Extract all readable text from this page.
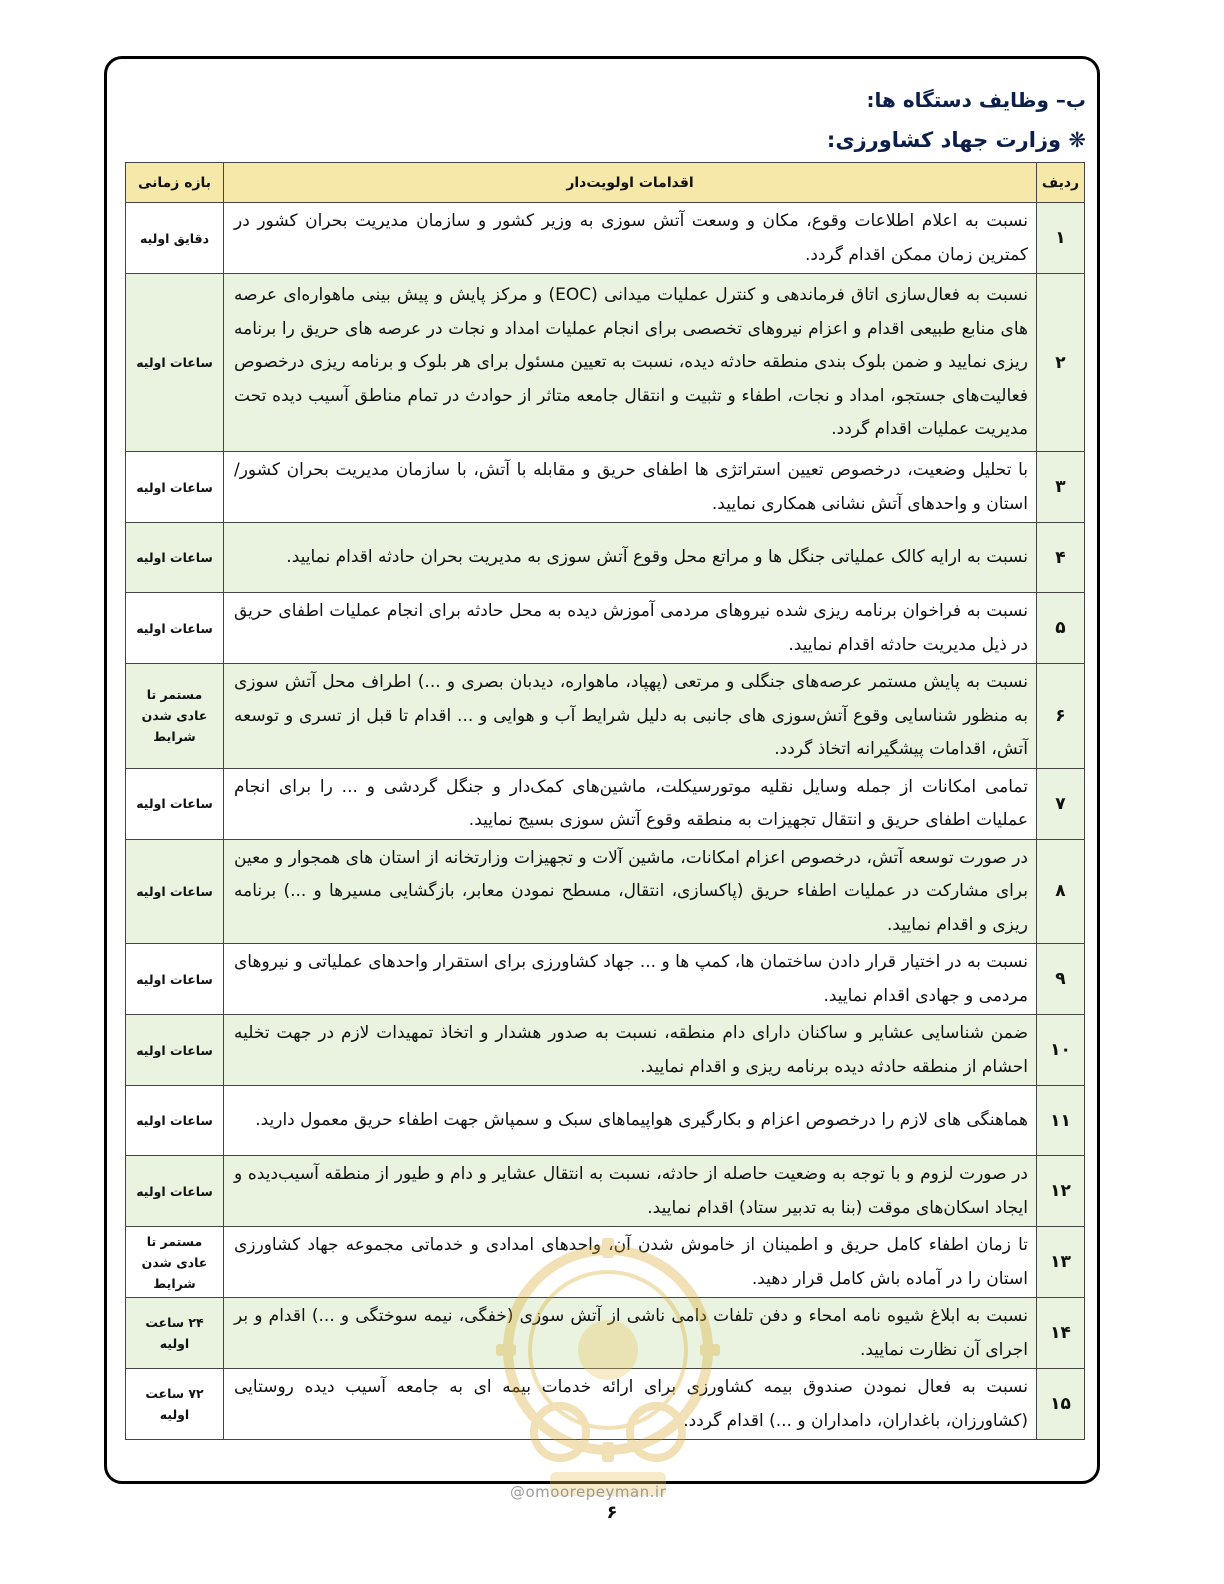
ب– وظایف دستگاه ها:
❋ وزارت جهاد کشاورزی:
ردیف	اقدامات اولویت‌دار	بازه زمانی
۱	نسبت به اعلام اطلاعات وقوع، مکان و وسعت آتش سوزی به وزیر کشور و سازمان مدیریت بحران کشور در کمترین زمان ممکن اقدام گردد.	دقایق اولیه
۲	نسبت به فعال‌سازی اتاق فرماندهی و کنترل عملیات میدانی (EOC) و مرکز پایش و پیش بینی ماهواره‌ای عرصه های منابع طبیعی اقدام و اعزام نیروهای تخصصی برای انجام عملیات امداد و نجات در عرصه های حریق را برنامه ریزی نمایید و ضمن بلوک بندی منطقه حادثه دیده، نسبت به تعیین مسئول برای هر بلوک و برنامه ریزی درخصوص فعالیت‌های جستجو، امداد و نجات، اطفاء و تثبیت و انتقال جامعه متاثر از حوادث در تمام مناطق آسیب دیده تحت مدیریت عملیات اقدام گردد.	ساعات اولیه
۳	با تحلیل وضعیت، درخصوص تعیین استراتژی ها اطفای حریق و مقابله با آتش، با سازمان مدیریت بحران کشور/استان و واحدهای آتش نشانی همکاری نمایید.	ساعات اولیه
۴	نسبت به ارایه کالک عملیاتی جنگل ها و مراتع محل وقوع آتش سوزی به مدیریت بحران حادثه اقدام نمایید.	ساعات اولیه
۵	نسبت به فراخوان برنامه ریزی شده نیروهای مردمی آموزش دیده به محل حادثه برای انجام عملیات اطفای حریق در ذیل مدیریت حادثه اقدام نمایید.	ساعات اولیه
۶	نسبت به پایش مستمر عرصه‌های جنگلی و مرتعی (پهپاد، ماهواره، دیدبان بصری و ...) اطراف محل آتش سوزی به منظور شناسایی وقوع آتش‌سوزی های جانبی به دلیل شرایط آب و هوایی و ... اقدام تا قبل از تسری و توسعه آتش، اقدامات پیشگیرانه اتخاذ گردد.	مستمر تا عادی شدن شرایط
۷	تمامی امکانات از جمله وسایل نقلیه موتورسیکلت، ماشین‌های کمک‌دار و جنگل گردشی و ... را برای انجام عملیات اطفای حریق و انتقال تجهیزات به منطقه وقوع آتش سوزی بسیج نمایید.	ساعات اولیه
۸	در صورت توسعه آتش، درخصوص اعزام امکانات، ماشین آلات و تجهیزات وزارتخانه از استان های همجوار و معین برای مشارکت در عملیات اطفاء حریق (پاکسازی، انتقال، مسطح نمودن معابر، بازگشایی مسیرها و ...) برنامه ریزی و اقدام نمایید.	ساعات اولیه
۹	نسبت به در اختیار قرار دادن ساختمان ها، کمپ ها و ... جهاد کشاورزی برای استقرار واحدهای عملیاتی و نیروهای مردمی و جهادی اقدام نمایید.	ساعات اولیه
۱۰	ضمن شناسایی عشایر و ساکنان دارای دام منطقه، نسبت به صدور هشدار و اتخاذ تمهیدات لازم در جهت تخلیه احشام از منطقه حادثه دیده برنامه ریزی و اقدام نمایید.	ساعات اولیه
۱۱	هماهنگی های لازم را درخصوص اعزام و بکارگیری هواپیماهای سبک و سمپاش جهت اطفاء حریق معمول دارید.	ساعات اولیه
۱۲	در صورت لزوم و با توجه به وضعیت حاصله از حادثه، نسبت به انتقال عشایر و دام و طیور از منطقه آسیب‌دیده و ایجاد اسکان‌های موقت (بنا به تدبیر ستاد) اقدام نمایید.	ساعات اولیه
۱۳	تا زمان اطفاء کامل حریق و اطمینان از خاموش شدن آن، واحدهای امدادی و خدماتی مجموعه جهاد کشاورزی استان را در آماده باش کامل قرار دهید.	مستمر تا عادی شدن شرایط
۱۴	نسبت به ابلاغ شیوه نامه امحاء و دفن تلفات دامی ناشی از آتش سوزی (خفگی، نیمه سوختگی و ...) اقدام و بر اجرای آن نظارت نمایید.	۲۴ ساعت اولیه
۱۵	نسبت به فعال نمودن صندوق بیمه کشاورزی برای ارائه خدمات بیمه ای به جامعه آسیب دیده روستایی (کشاورزان، باغداران، دامداران و ...) اقدام گردد.	۷۲ ساعت اولیه
@omoorepeyman.ir
۶
